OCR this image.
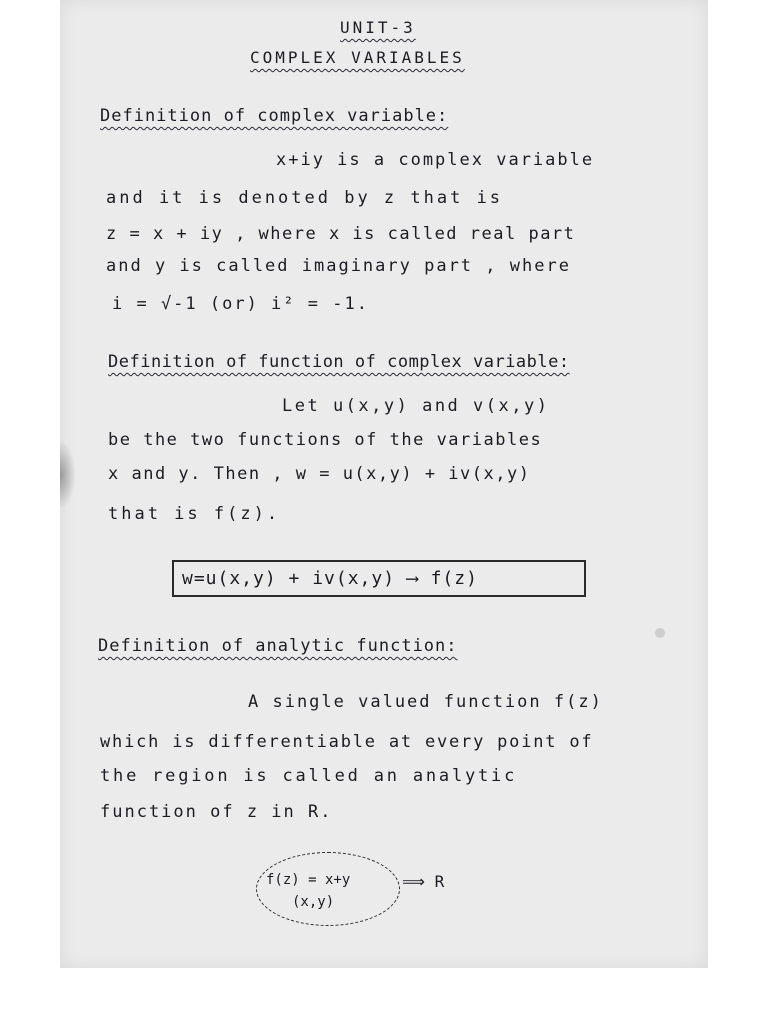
UNIT-3
COMPLEX VARIABLES
Definition of complex variable:
x+iy is a complex variable
and it is denoted by z that is
z = x + iy , where x is called real part
and y is called imaginary part , where
i = √-1 (or) i² = -1.
Definition of function of complex variable:
Let u(x,y) and v(x,y)
be the two functions of the variables
x and y. Then , w = u(x,y) + iv(x,y)
that is f(z).
w=u(x,y) + iv(x,y) ⟶ f(z)
Definition of analytic function:
A single valued function f(z)
which is differentiable at every point of
the region is called an analytic
function of z in R.
f(z) = x+y
(x,y)
⟹ R
